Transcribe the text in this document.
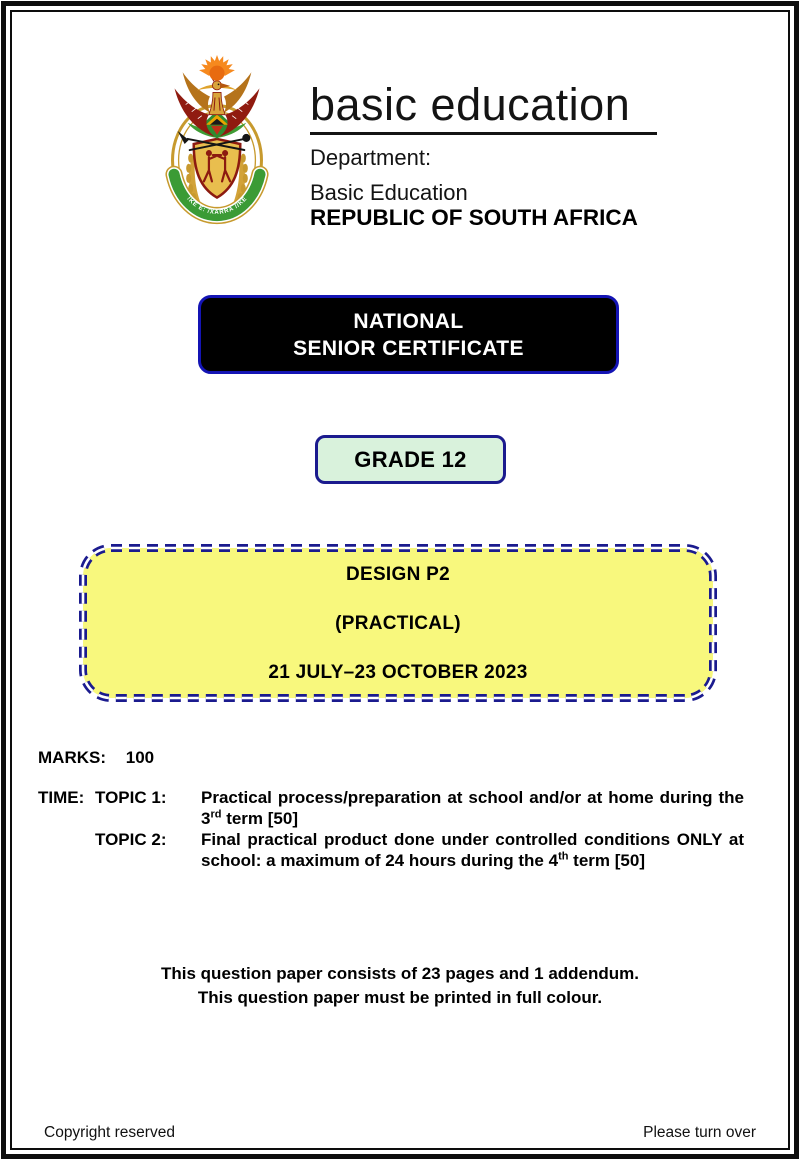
!KE E: /XARRA //KE
basic education
Department:
Basic Education
REPUBLIC OF SOUTH AFRICA
NATIONAL
SENIOR CERTIFICATE
GRADE 12
DESIGN P2
(PRACTICAL)
21 JULY–23 OCTOBER 2023
MARKS: 100
TIME: TOPIC 1:	Practical process/preparation at school and/or at home during the 3rd term [50]
TOPIC 2:	Final practical product done under controlled conditions ONLY at school: a maximum of 24 hours during the 4th term [50]
This question paper consists of 23 pages and 1 addendum.
This question paper must be printed in full colour.
Copyright reserved	Please turn over
